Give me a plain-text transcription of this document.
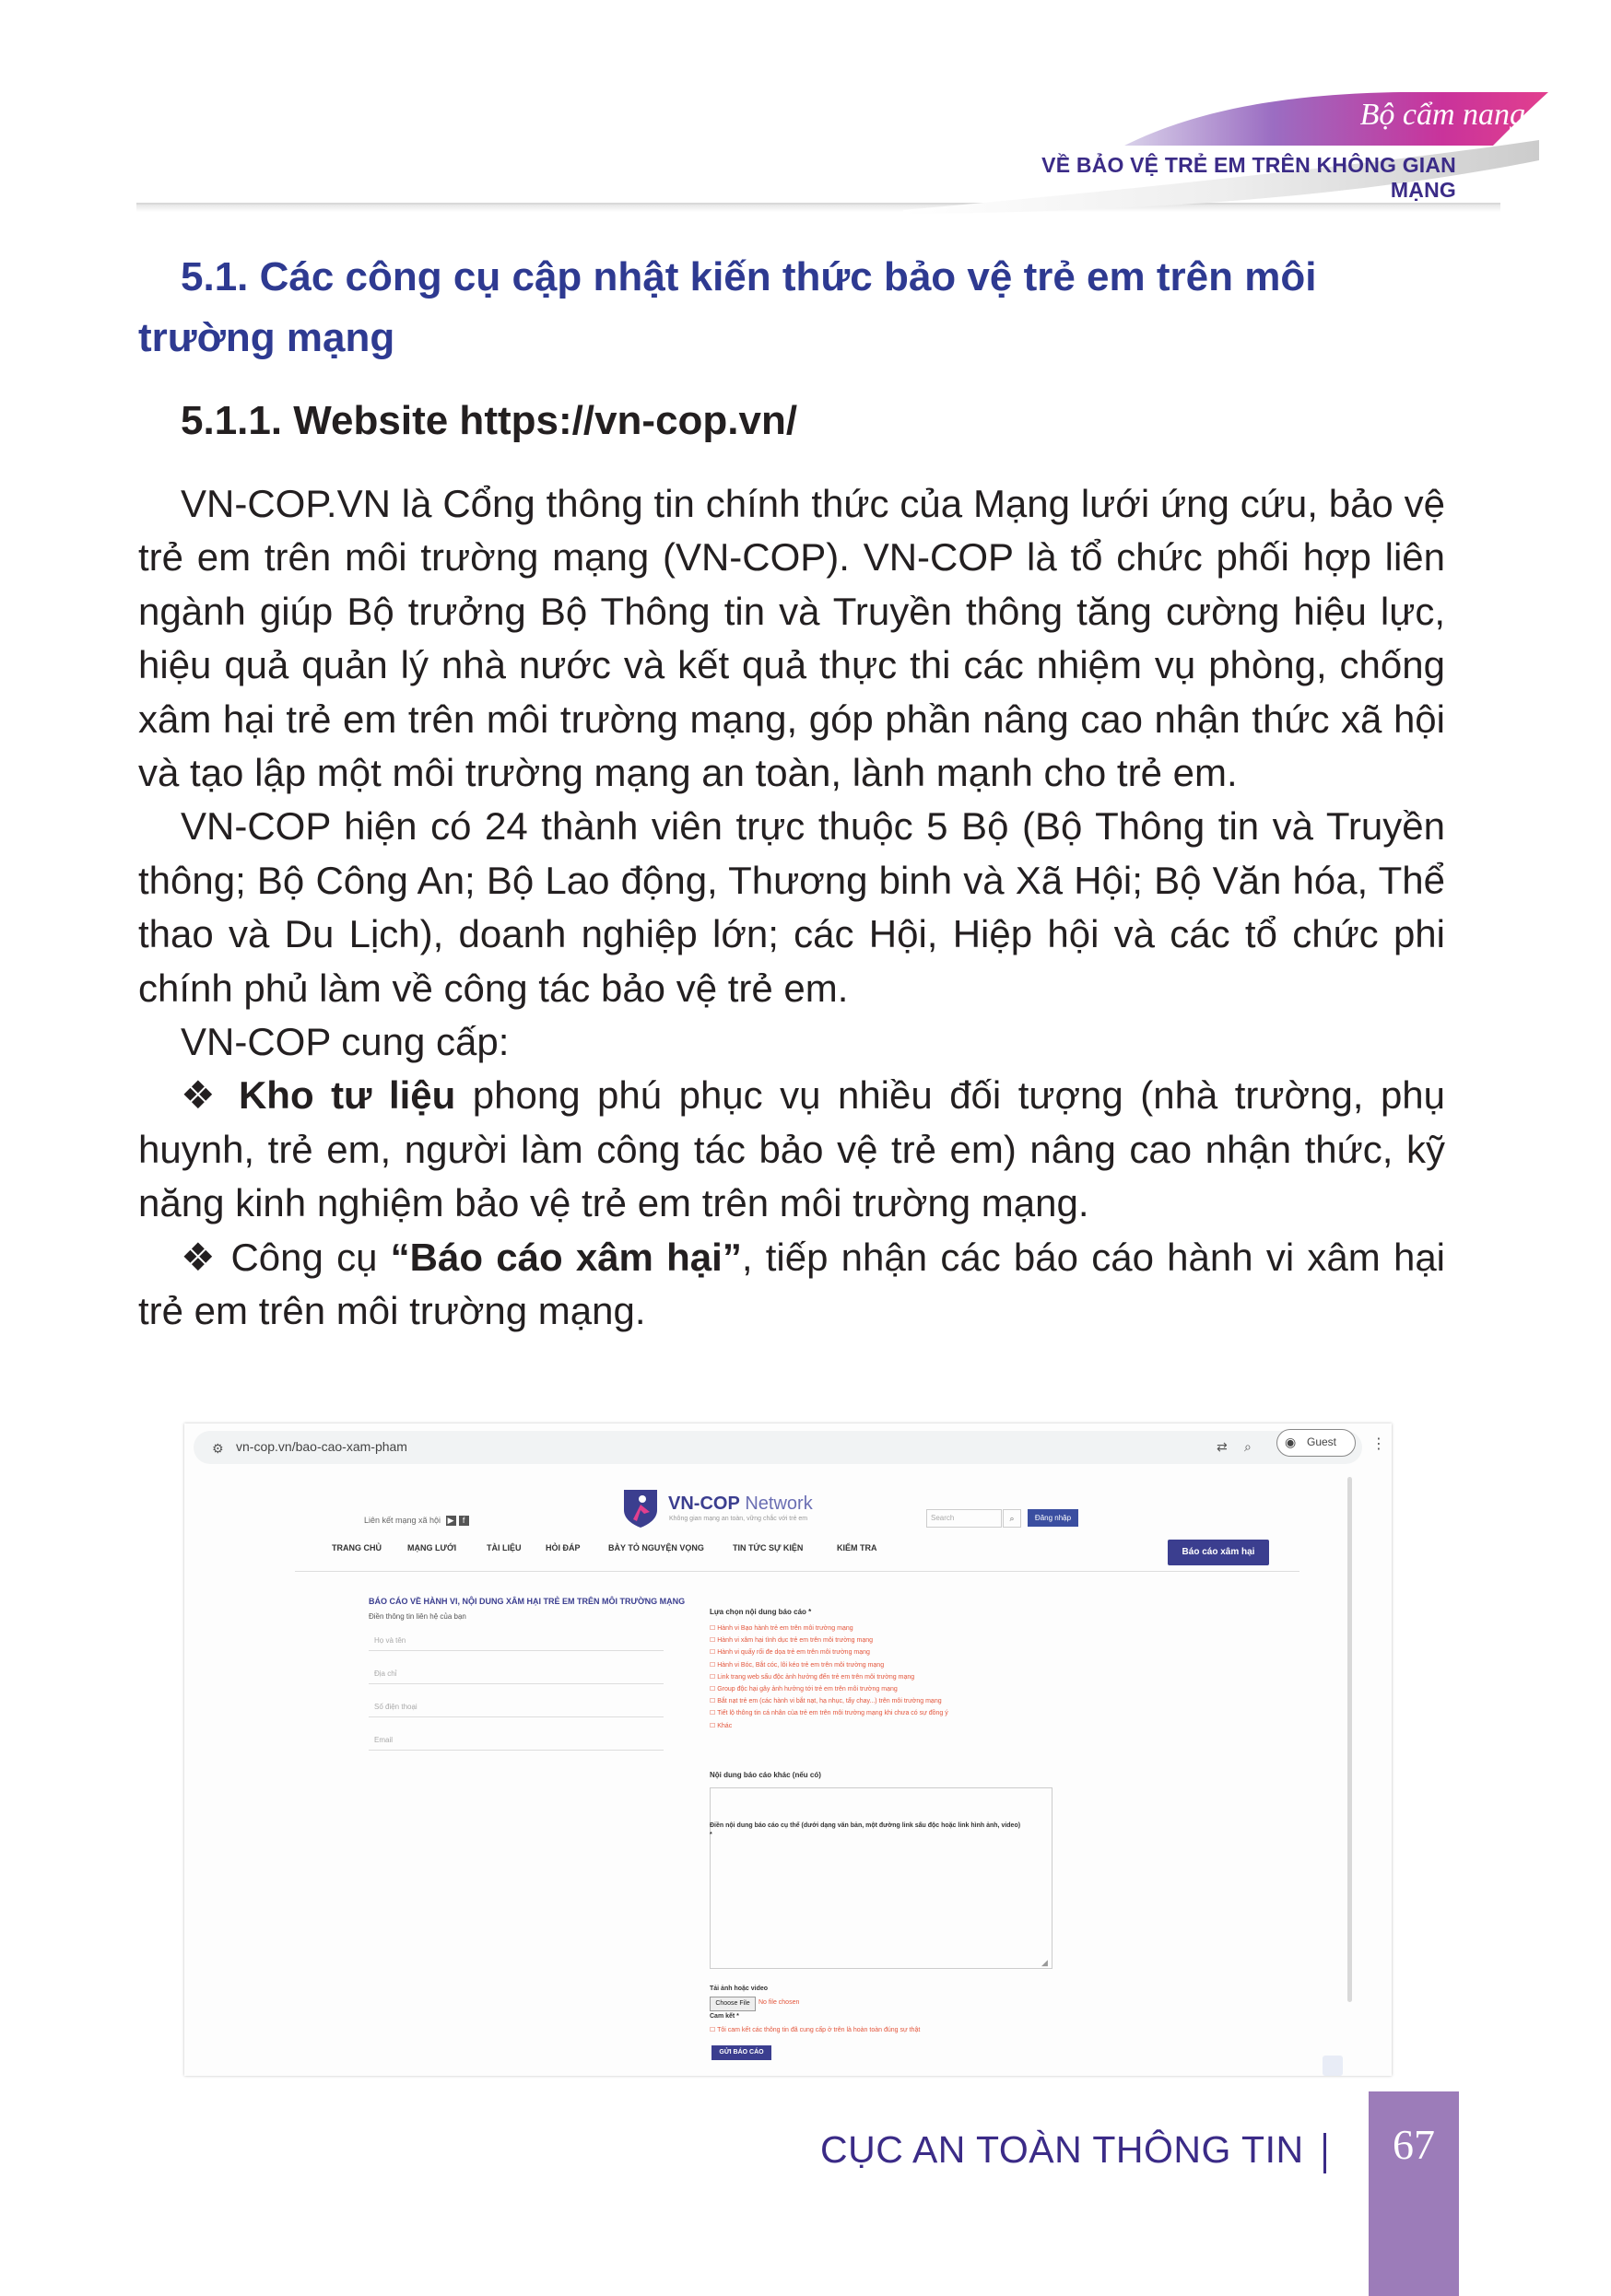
Bộ cẩm nang
VỀ BẢO VỆ TRẺ EM TRÊN KHÔNG GIAN MẠNG
5.1. Các công cụ cập nhật kiến thức bảo vệ trẻ em trên môi trường mạng
5.1.1. Website https://vn-cop.vn/

VN-COP.VN là Cổng thông tin chính thức của Mạng lưới ứng cứu, bảo vệ trẻ em trên môi trường mạng (VN-COP). VN-COP là tổ chức phối hợp liên ngành giúp Bộ trưởng Bộ Thông tin và Truyền thông tăng cường hiệu lực, hiệu quả quản lý nhà nước và kết quả thực thi các nhiệm vụ phòng, chống xâm hại trẻ em trên môi trường mạng, góp phần nâng cao nhận thức xã hội và tạo lập một môi trường mạng an toàn, lành mạnh cho trẻ em.

VN-COP hiện có 24 thành viên trực thuộc 5 Bộ (Bộ Thông tin và Truyền thông; Bộ Công An; Bộ Lao động, Thương binh và Xã Hội; Bộ Văn hóa, Thể thao và Du Lịch), doanh nghiệp lớn; các Hội, Hiệp hội và các tổ chức phi chính phủ làm về công tác bảo vệ trẻ em.

VN-COP cung cấp:

❖ Kho tư liệu phong phú phục vụ nhiều đối tượng (nhà trường, phụ huynh, trẻ em, người làm công tác bảo vệ trẻ em) nâng cao nhận thức, kỹ năng kinh nghiệm bảo vệ trẻ em trên môi trường mạng.

❖ Công cụ “Báo cáo xâm hại”, tiếp nhận các báo cáo hành vi xâm hại trẻ em trên môi trường mạng.

⚙ vn-cop.vn/bao-cao-xam-pham	⇄ ⌕	◉ Guest ⋮
Liên kết mạng xã hội ▶ f
VN-COP Network
Không gian mạng an toàn, vững chắc với trẻ em	Search	⌕	Đăng nhập
TRANG CHỦ	MẠNG LƯỚI	TÀI LIỆU	HỎI ĐÁP	BÀY TỎ NGUYỆN VỌNG	TIN TỨC SỰ KIỆN	KIỂM TRA	Báo cáo xâm hại
BÁO CÁO VỀ HÀNH VI, NỘI DUNG XÂM HẠI TRẺ EM TRÊN MÔI TRƯỜNG MẠNG
Điền thông tin liên hệ của bạn
Họ và tên
Địa chỉ
Số điện thoại
Email
Lựa chọn nội dung báo cáo *
☐ Hành vi Bạo hành trẻ em trên môi trường mạng
☐ Hành vi xâm hại tình dục trẻ em trên môi trường mạng
☐ Hành vi quấy rối đe dọa trẻ em trên môi trường mạng
☐ Hành vi Bóc, Bắt cóc, lôi kéo trẻ em trên môi trường mạng
☐ Link trang web sấu độc ảnh hưởng đến trẻ em trên môi trường mạng
☐ Group độc hại gây ảnh hưởng tới trẻ em trên môi trường mạng
☐ Bắt nạt trẻ em (các hành vi bắt nạt, hạ nhục, tẩy chay...) trên môi trường mạng
☐ Tiết lộ thông tin cá nhân của trẻ em trên môi trường mạng khi chưa có sự đồng ý
☐ Khác
Nội dung báo cáo khác (nếu có)
Điền nội dung báo cáo cụ thể (dưới dạng văn bản, một đường link sấu độc hoặc link hình ảnh, video) *
◢
Tải ảnh hoặc video
Choose File	No file chosen
Cam kết *
☐ Tôi cam kết các thông tin đã cung cấp ở trên là hoàn toàn đúng sự thật
GỬI BÁO CÁO
CỤC AN TOÀN THÔNG TIN	67
